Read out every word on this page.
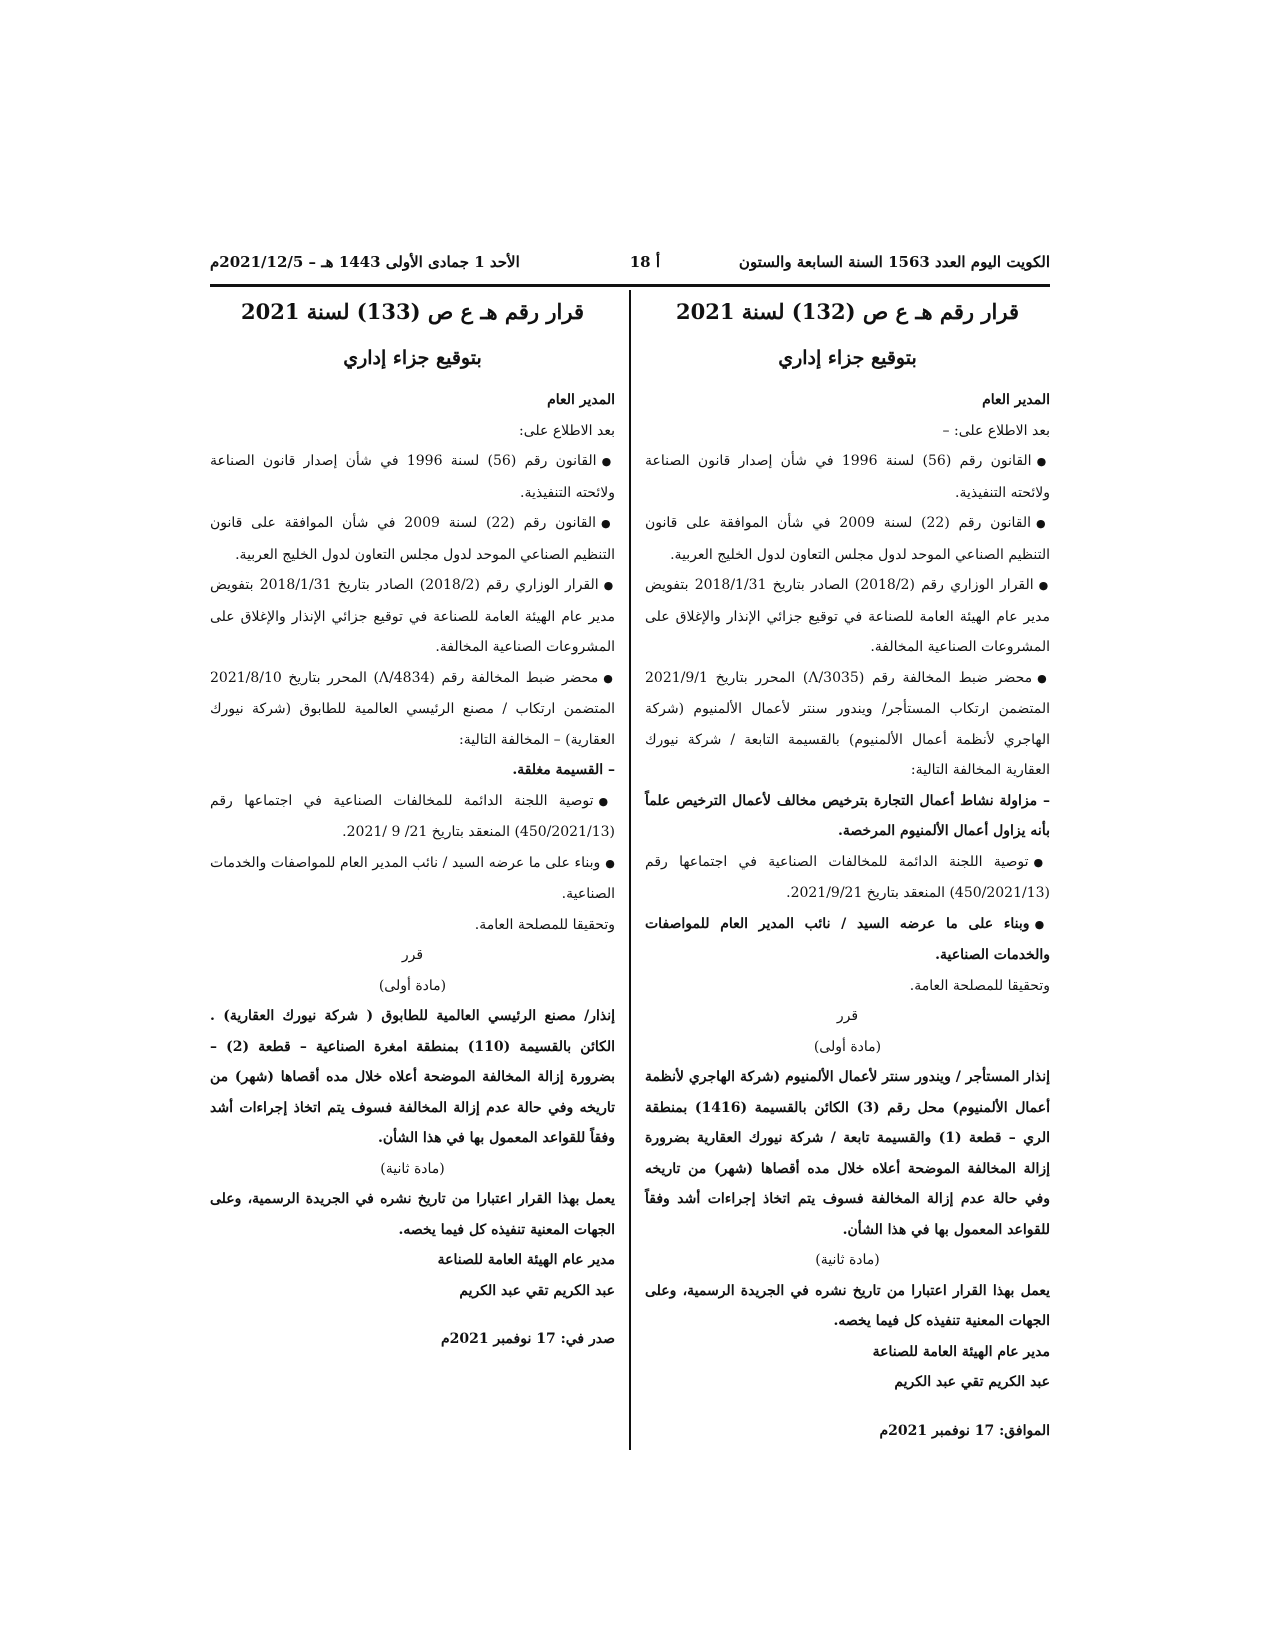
الكويت اليوم العدد 1563 السنة السابعة والستون
أ 18
الأحد 1 جمادى الأولى 1443 هـ – 2021/12/5م
قرار رقم هـ ع ص (132) لسنة 2021
بتوقيع جزاء إداري

المدير العام

بعد الاطلاع على: –

● القانون رقم (56) لسنة 1996 في شأن إصدار قانون الصناعة ولائحته التنفيذية.

● القانون رقم (22) لسنة 2009 في شأن الموافقة على قانون التنظيم الصناعي الموحد لدول مجلس التعاون لدول الخليج العربية.

● القرار الوزاري رقم (2018/2) الصادر بتاريخ 2018/1/31 بتفويض مدير عام الهيئة العامة للصناعة في توقيع جزائي الإنذار والإغلاق على المشروعات الصناعية المخالفة.

● محضر ضبط المخالفة رقم (Λ/3035) المحرر بتاريخ 2021/9/1 المتضمن ارتكاب المستأجر/ ويندور سنتر لأعمال الألمنيوم (شركة الهاجري لأنظمة أعمال الألمنيوم) بالقسيمة التابعة / شركة نيورك العقارية المخالفة التالية:

– مزاولة نشاط أعمال التجارة بترخيص مخالف لأعمال الترخيص علماً بأنه يزاول أعمال الألمنيوم المرخصة.

● توصية اللجنة الدائمة للمخالفات الصناعية في اجتماعها رقم (450/2021/13) المنعقد بتاريخ 2021/9/21.

● وبناء على ما عرضه السيد / نائب المدير العام للمواصفات والخدمات الصناعية.

وتحقيقا للمصلحة العامة.

قرر

(مادة أولى)

إنذار المستأجر / ويندور سنتر لأعمال الألمنيوم (شركة الهاجري لأنظمة أعمال الألمنيوم) محل رقم (3) الكائن بالقسيمة (1416) بمنطقة الري – قطعة (1) والقسيمة تابعة / شركة نيورك العقارية بضرورة إزالة المخالفة الموضحة أعلاه خلال مده أقصاها (شهر) من تاريخه وفي حالة عدم إزالة المخالفة فسوف يتم اتخاذ إجراءات أشد وفقاً للقواعد المعمول بها في هذا الشأن.

(مادة ثانية)

يعمل بهذا القرار اعتبارا من تاريخ نشره في الجريدة الرسمية، وعلى الجهات المعنية تنفيذه كل فيما يخصه.

مدير عام الهيئة العامة للصناعة

عبد الكريم تقي عبد الكريم

الموافق: 17 نوفمبر 2021م

قرار رقم هـ ع ص (133) لسنة 2021
بتوقيع جزاء إداري

المدير العام

بعد الاطلاع على:

● القانون رقم (56) لسنة 1996 في شأن إصدار قانون الصناعة ولائحته التنفيذية.

● القانون رقم (22) لسنة 2009 في شأن الموافقة على قانون التنظيم الصناعي الموحد لدول مجلس التعاون لدول الخليج العربية.

● القرار الوزاري رقم (2018/2) الصادر بتاريخ 2018/1/31 بتفويض مدير عام الهيئة العامة للصناعة في توقيع جزائي الإنذار والإغلاق على المشروعات الصناعية المخالفة.

● محضر ضبط المخالفة رقم (Λ/4834) المحرر بتاريخ 2021/8/10 المتضمن ارتكاب / مصنع الرئيسي العالمية للطابوق (شركة نيورك العقارية) – المخالفة التالية:

– القسيمة مغلقة.

● توصية اللجنة الدائمة للمخالفات الصناعية في اجتماعها رقم (450/2021/13) المنعقد بتاريخ 21/ 9 /2021.

● وبناء على ما عرضه السيد / نائب المدير العام للمواصفات والخدمات الصناعية.

وتحقيقا للمصلحة العامة.

قرر

(مادة أولى)

إنذار/ مصنع الرئيسي العالمية للطابوق ( شركة نيورك العقارية) . الكائن بالقسيمة (110) بمنطقة امغرة الصناعية – قطعة (2) – بضرورة إزالة المخالفة الموضحة أعلاه خلال مده أقصاها (شهر) من تاريخه وفي حالة عدم إزالة المخالفة فسوف يتم اتخاذ إجراءات أشد وفقاً للقواعد المعمول بها في هذا الشأن.

(مادة ثانية)

يعمل بهذا القرار اعتبارا من تاريخ نشره في الجريدة الرسمية، وعلى الجهات المعنية تنفيذه كل فيما يخصه.

مدير عام الهيئة العامة للصناعة

عبد الكريم تقي عبد الكريم

صدر في: 17 نوفمبر 2021م
